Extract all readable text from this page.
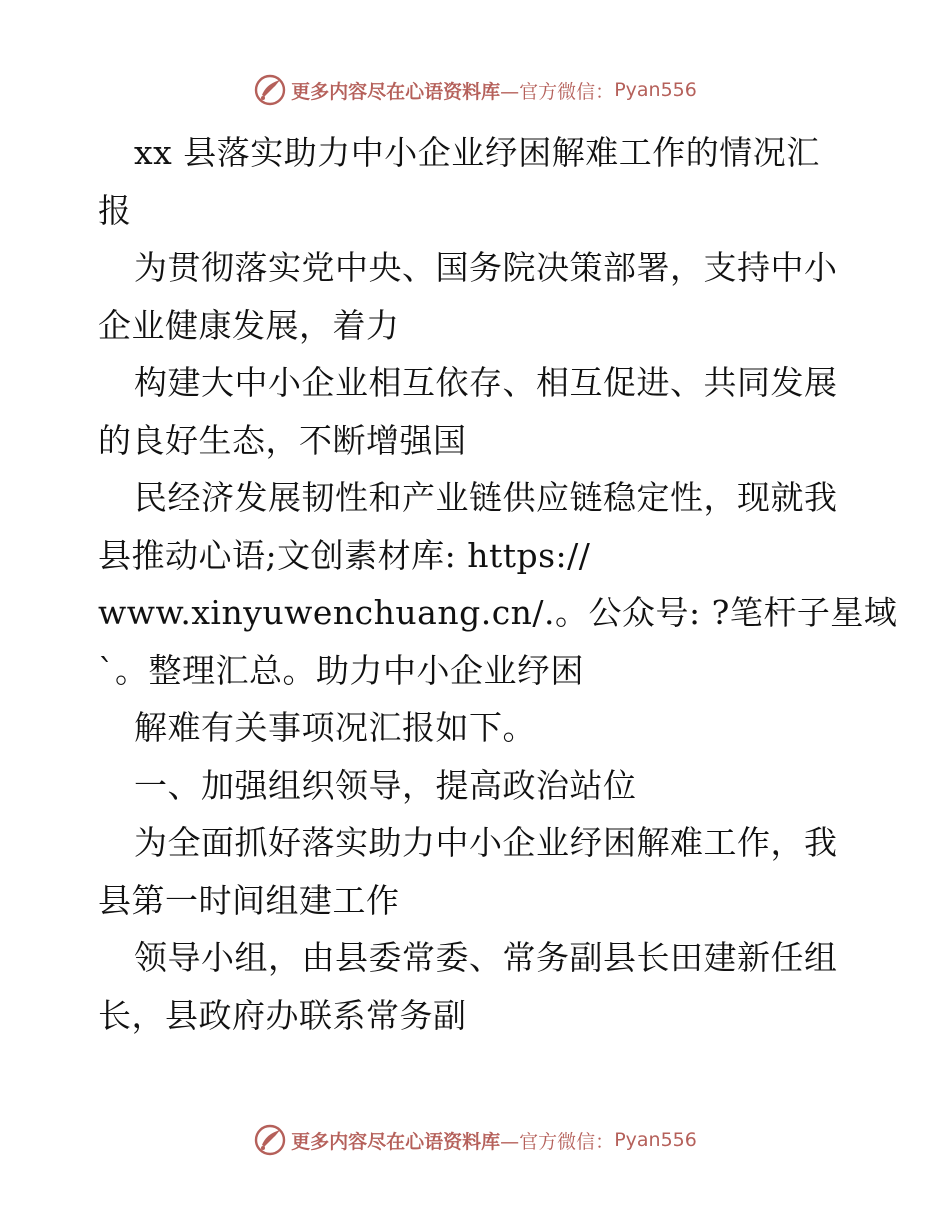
更多内容尽在心语资料库 —官方微信： Pyan556
xx 县落实助力中小企业纾困解难工作的情况汇
报
为贯彻落实党中央、国务院决策部署，支持中小
企业健康发展，着力
构建大中小企业相互依存、相互促进、共同发展
的良好生态，不断增强国
民经济发展韧性和产业链供应链稳定性，现就我
县推动心语;文创素材库: https://
www.xinyuwenchuang.cn/.。公众号: ?笔杆子星域
`。整理汇总。助力中小企业纾困
解难有关事项况汇报如下。
一、加强组织领导，提高政治站位
为全面抓好落实助力中小企业纾困解难工作，我
县第一时间组建工作
领导小组，由县委常委、常务副县长田建新任组
长，县政府办联系常务副
更多内容尽在心语资料库 —官方微信： Pyan556
